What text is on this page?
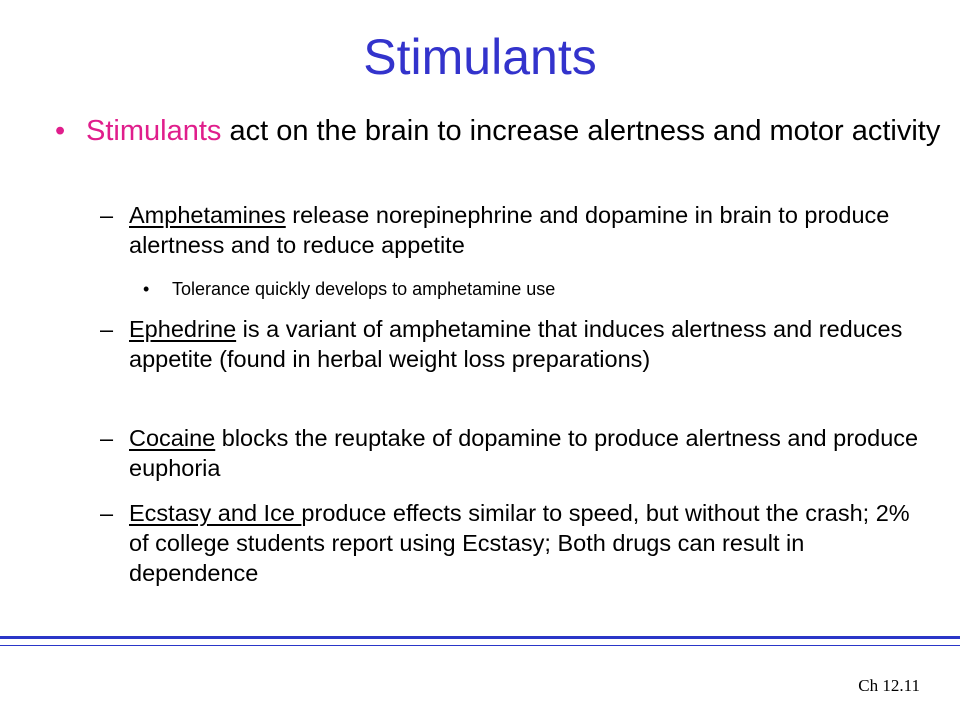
Stimulants
• Stimulants act on the brain to increase alertness and motor activity
– Amphetamines release norepinephrine and dopamine in brain to produce alertness and to reduce appetite
•	Tolerance quickly develops to amphetamine use
– Ephedrine is a variant of amphetamine that induces alertness and reduces appetite (found in herbal weight loss preparations)
– Cocaine blocks the reuptake of dopamine to produce alertness and produce euphoria
– Ecstasy and Ice produce effects similar to speed, but without the crash; 2% of college students report using Ecstasy; Both drugs can result in dependence
Ch 12.11
